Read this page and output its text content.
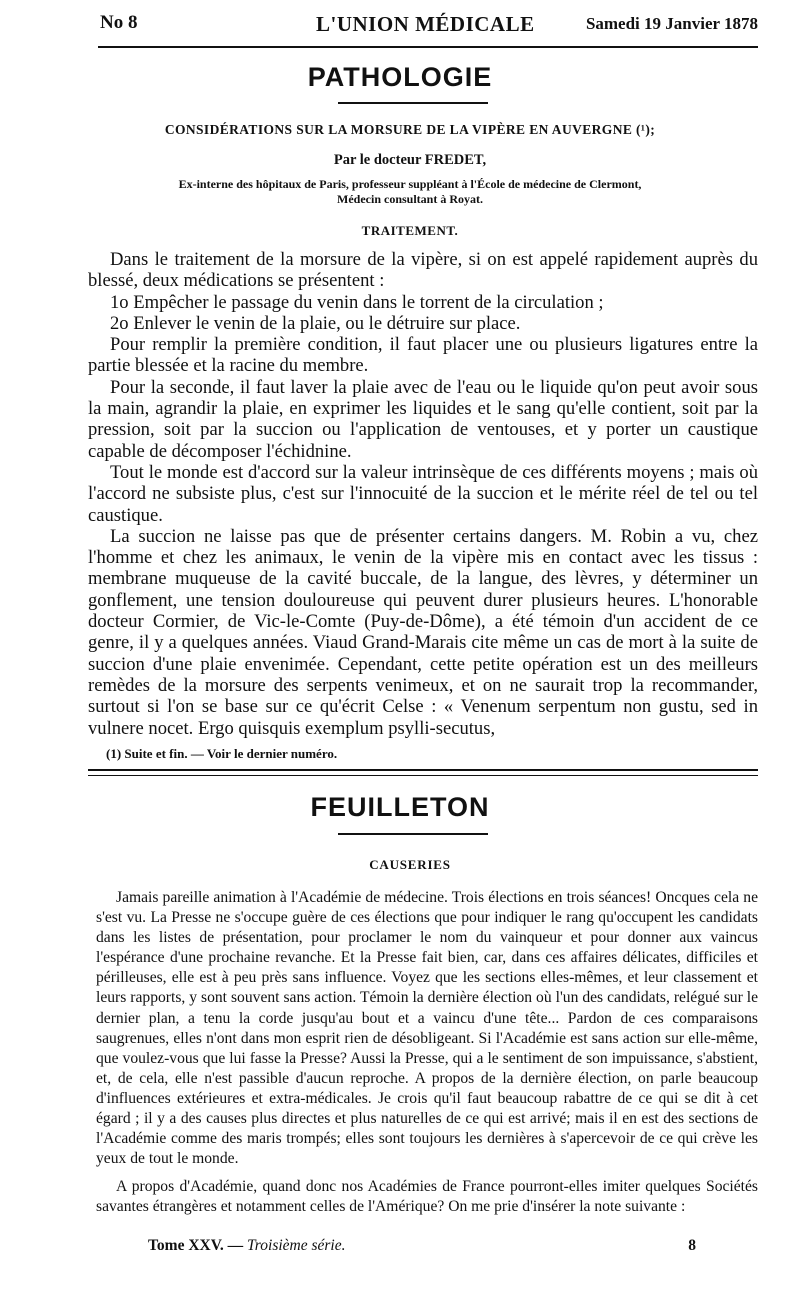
No 8	L'UNION MÉDICALE	Samedi 19 Janvier 1878
PATHOLOGIE
CONSIDÉRATIONS SUR LA MORSURE DE LA VIPÈRE EN AUVERGNE (¹);
Par le docteur FREDET,
Ex-interne des hôpitaux de Paris, professeur suppléant à l'École de médecine de Clermont,
Médecin consultant à Royat.
TRAITEMENT.

Dans le traitement de la morsure de la vipère, si on est appelé rapidement auprès du blessé, deux médications se présentent :

1o Empêcher le passage du venin dans le torrent de la circulation ;

2o Enlever le venin de la plaie, ou le détruire sur place.

Pour remplir la première condition, il faut placer une ou plusieurs ligatures entre la partie blessée et la racine du membre.

Pour la seconde, il faut laver la plaie avec de l'eau ou le liquide qu'on peut avoir sous la main, agrandir la plaie, en exprimer les liquides et le sang qu'elle contient, soit par la pression, soit par la succion ou l'application de ventouses, et y porter un caustique capable de décomposer l'échidnine.

Tout le monde est d'accord sur la valeur intrinsèque de ces différents moyens ; mais où l'accord ne subsiste plus, c'est sur l'innocuité de la succion et le mérite réel de tel ou tel caustique.

La succion ne laisse pas que de présenter certains dangers. M. Robin a vu, chez l'homme et chez les animaux, le venin de la vipère mis en contact avec les tissus : membrane muqueuse de la cavité buccale, de la langue, des lèvres, y déterminer un gonflement, une tension douloureuse qui peuvent durer plusieurs heures. L'honorable docteur Cormier, de Vic-le-Comte (Puy-de-Dôme), a été témoin d'un accident de ce genre, il y a quelques années. Viaud Grand-Marais cite même un cas de mort à la suite de succion d'une plaie envenimée. Cependant, cette petite opération est un des meilleurs remèdes de la morsure des serpents venimeux, et on ne saurait trop la recommander, surtout si l'on se base sur ce qu'écrit Celse : « Venenum serpentum non gustu, sed in vulnere nocet. Ergo quisquis exemplum psylli-secutus,

(1) Suite et fin. — Voir le dernier numéro.
FEUILLETON
CAUSERIES

Jamais pareille animation à l'Académie de médecine. Trois élections en trois séances! Oncques cela ne s'est vu. La Presse ne s'occupe guère de ces élections que pour indiquer le rang qu'occupent les candidats dans les listes de présentation, pour proclamer le nom du vainqueur et pour donner aux vaincus l'espérance d'une prochaine revanche. Et la Presse fait bien, car, dans ces affaires délicates, difficiles et périlleuses, elle est à peu près sans influence. Voyez que les sections elles-mêmes, et leur classement et leurs rapports, y sont souvent sans action. Témoin la dernière élection où l'un des candidats, relégué sur le dernier plan, a tenu la corde jusqu'au bout et a vaincu d'une tête... Pardon de ces comparaisons saugrenues, elles n'ont dans mon esprit rien de désobligeant. Si l'Académie est sans action sur elle-même, que voulez-vous que lui fasse la Presse? Aussi la Presse, qui a le sentiment de son impuissance, s'abstient, et, de cela, elle n'est passible d'aucun reproche. A propos de la dernière élection, on parle beaucoup d'influences extérieures et extra-médicales. Je crois qu'il faut beaucoup rabattre de ce qui se dit à cet égard ; il y a des causes plus directes et plus naturelles de ce qui est arrivé; mais il en est des sections de l'Académie comme des maris trompés; elles sont toujours les dernières à s'apercevoir de ce qui crève les yeux de tout le monde.

A propos d'Académie, quand donc nos Académies de France pourront-elles imiter quelques Sociétés savantes étrangères et notamment celles de l'Amérique? On me prie d'insérer la note suivante :

Tome XXV. — Troisième série.	8
